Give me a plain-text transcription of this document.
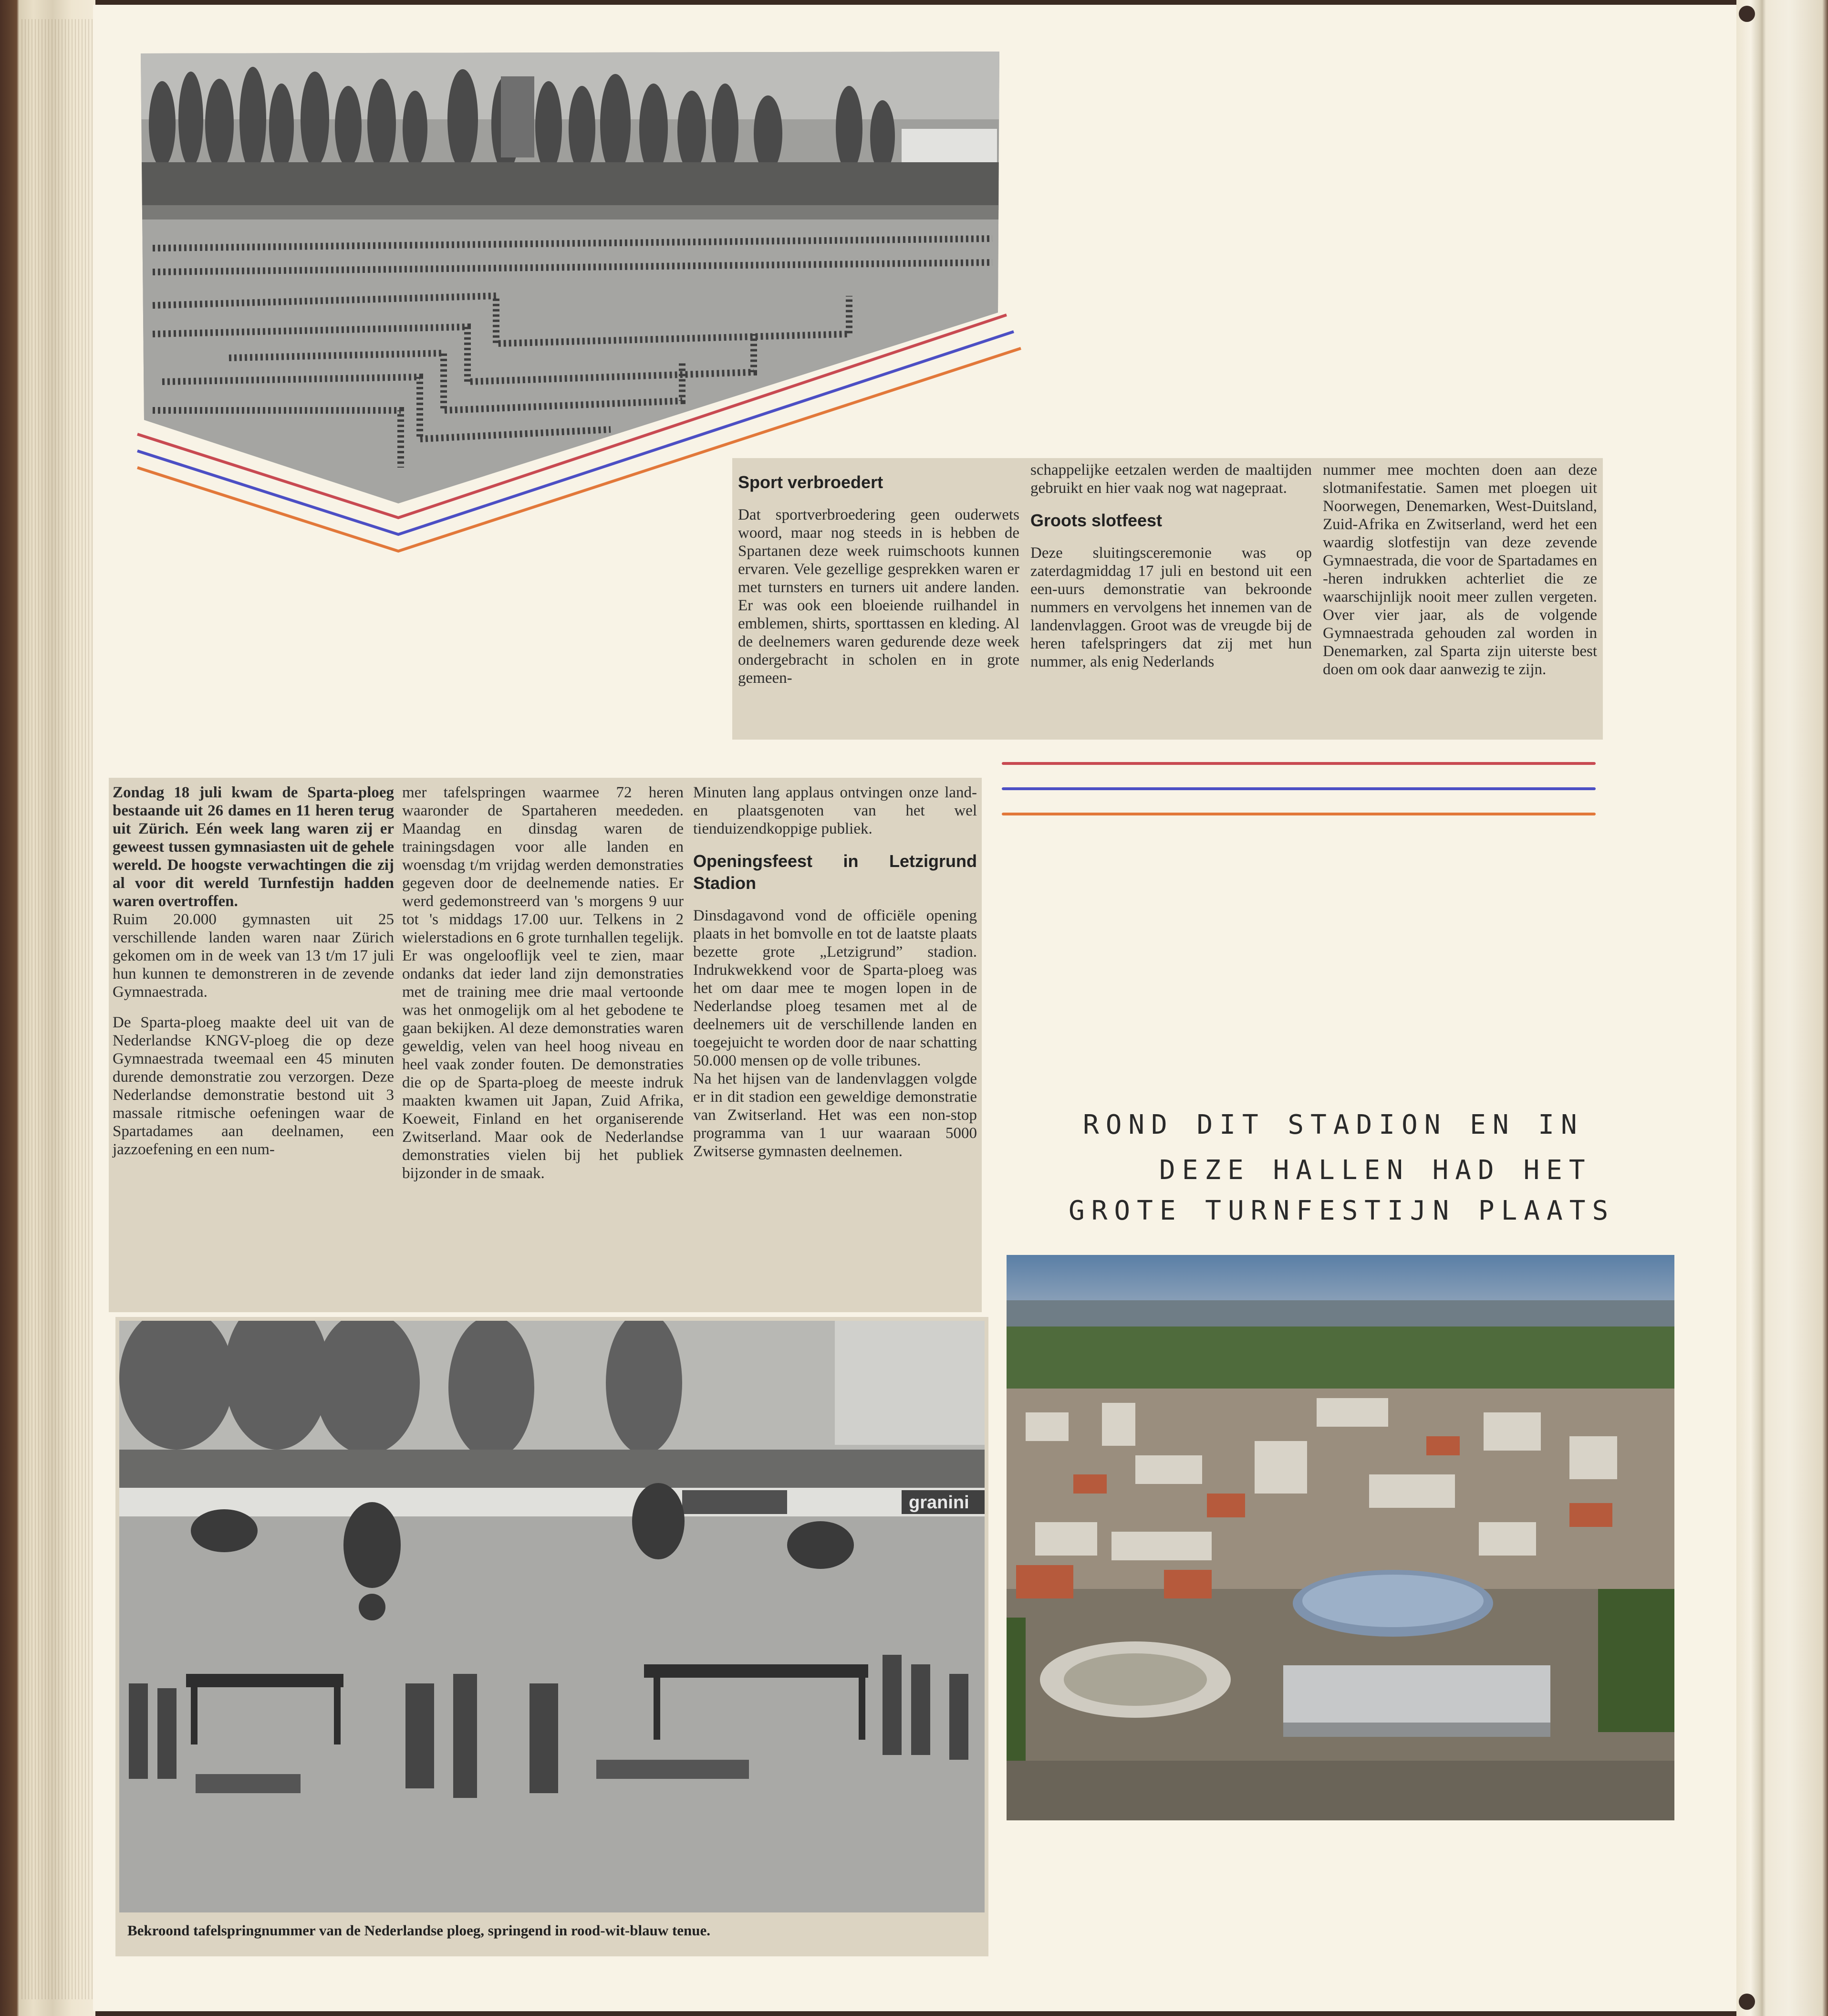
Sport verbroedert

Dat sportverbroedering geen ouderwets woord, maar nog steeds in is hebben de Spartanen deze week ruimschoots kunnen ervaren. Vele gezellige gesprekken waren er met turnsters en turners uit andere landen. Er was ook een bloeiende ruilhandel in emblemen, shirts, sporttassen en kleding. Al de deelnemers waren gedurende deze week ondergebracht in scholen en in grote gemeen-

schappelijke eetzalen werden de maaltijden gebruikt en hier vaak nog wat nagepraat.

Groots slotfeest

Deze sluitingsceremonie was op zaterdagmiddag 17 juli en bestond uit een een-uurs demonstratie van bekroonde nummers en vervolgens het innemen van de landenvlaggen. Groot was de vreugde bij de heren tafelspringers dat zij met hun nummer, als enig Nederlands

nummer mee mochten doen aan deze slotmanifestatie. Samen met ploegen uit Noorwegen, Denemarken, West-Duitsland, Zuid-Afrika en Zwitserland, werd het een waardig slotfestijn van deze zevende Gymnaestrada, die voor de Spartadames en -heren indrukken achterliet die ze waarschijnlijk nooit meer zullen vergeten. Over vier jaar, als de volgende Gymnaestrada gehouden zal worden in Denemarken, zal Sparta zijn uiterste best doen om ook daar aanwezig te zijn.

Zondag 18 juli kwam de Sparta-ploeg bestaande uit 26 dames en 11 heren terug uit Zürich. Eén week lang waren zij er geweest tussen gymnasiasten uit de gehele wereld. De hoogste verwachtingen die zij al voor dit wereld Turnfestijn hadden waren overtroffen.

Ruim 20.000 gymnasten uit 25 verschillende landen waren naar Zürich gekomen om in de week van 13 t/m 17 juli hun kunnen te demonstreren in de zevende Gymnaestrada.

De Sparta-ploeg maakte deel uit van de Nederlandse KNGV-ploeg die op deze Gymnaestrada tweemaal een 45 minuten durende demonstratie zou verzorgen. Deze Nederlandse demonstratie bestond uit 3 massale ritmische oefeningen waar de Spartadames aan deelnamen, een jazzoefening en een num-

mer tafelspringen waarmee 72 heren waaronder de Spartaheren meededen. Maandag en dinsdag waren de trainingsdagen voor alle landen en woensdag t/m vrijdag werden demonstraties gegeven door de deelnemende naties. Er werd gedemonstreerd van 's morgens 9 uur tot 's middags 17.00 uur. Telkens in 2 wielerstadions en 6 grote turnhallen tegelijk. Er was ongelooflijk veel te zien, maar ondanks dat ieder land zijn demonstraties met de training mee drie maal vertoonde was het onmogelijk om al het gebodene te gaan bekijken. Al deze demonstraties waren geweldig, velen van heel hoog niveau en heel vaak zonder fouten. De demonstraties die op de Sparta-ploeg de meeste indruk maakten kwamen uit Japan, Zuid Afrika, Koeweit, Finland en het organiserende Zwitserland. Maar ook de Nederlandse demonstraties vielen bij het publiek bijzonder in de smaak.

Minuten lang applaus ontvingen onze land- en plaatsgenoten van het wel tienduizendkoppige publiek.

Openingsfeest in Letzigrund Stadion

Dinsdagavond vond de officiële opening plaats in het bomvolle en tot de laatste plaats bezette grote „Letzigrund” stadion. Indrukwekkend voor de Sparta-ploeg was het om daar mee te mogen lopen in de Nederlandse ploeg tesamen met al de deelnemers uit de verschillende landen en toegejuicht te worden door de naar schatting 50.000 mensen op de volle tribunes.

Na het hijsen van de landenvlaggen volgde er in dit stadion een geweldige demonstratie van Zwitserland. Het was een non-stop programma van 1 uur waaraan 5000 Zwitserse gymnasten deelnemen.

granini
Bekroond tafelspringnummer van de Nederlandse ploeg, springend in rood-wit-blauw tenue.
ROND DIT STADION EN IN
DEZE HALLEN HAD HET
GROTE TURNFESTIJN PLAATS
